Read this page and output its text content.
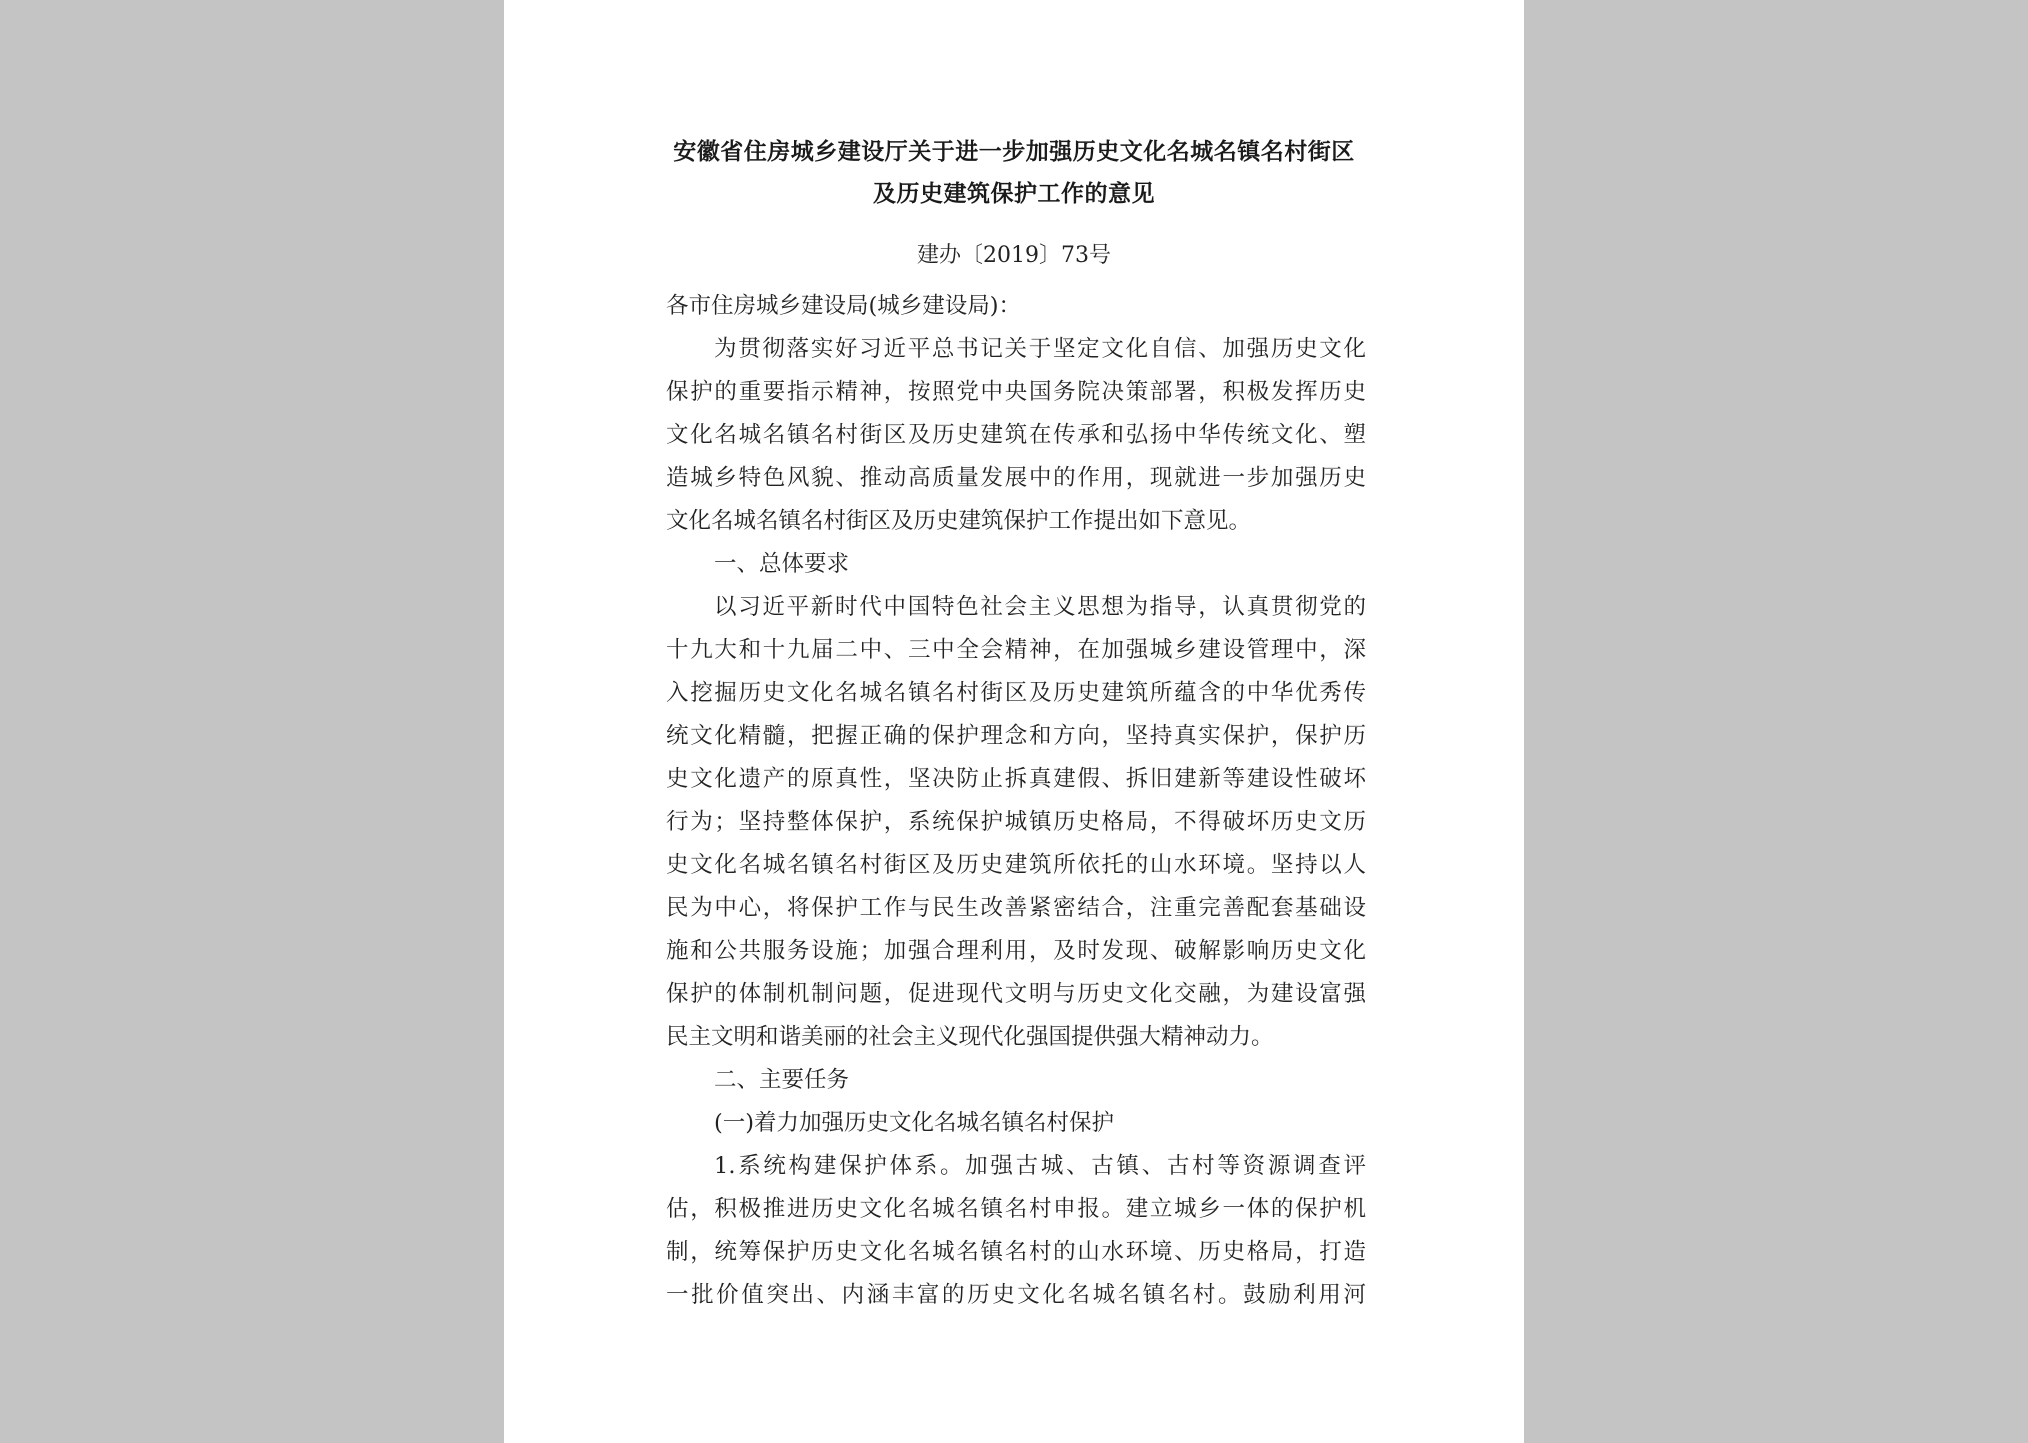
安徽省住房城乡建设厅关于进一步加强历史文化名城名镇名村街区
及历史建筑保护工作的意见
建办〔2019〕73号
各市住房城乡建设局(城乡建设局)：
为贯彻落实好习近平总书记关于坚定文化自信、加强历史文化
保护的重要指示精神，按照党中央国务院决策部署，积极发挥历史
文化名城名镇名村街区及历史建筑在传承和弘扬中华传统文化、塑
造城乡特色风貌、推动高质量发展中的作用，现就进一步加强历史
文化名城名镇名村街区及历史建筑保护工作提出如下意见。
一、总体要求
以习近平新时代中国特色社会主义思想为指导，认真贯彻党的
十九大和十九届二中、三中全会精神，在加强城乡建设管理中，深
入挖掘历史文化名城名镇名村街区及历史建筑所蕴含的中华优秀传
统文化精髓，把握正确的保护理念和方向，坚持真实保护，保护历
史文化遗产的原真性，坚决防止拆真建假、拆旧建新等建设性破坏
行为；坚持整体保护，系统保护城镇历史格局，不得破坏历史文历
史文化名城名镇名村街区及历史建筑所依托的山水环境。坚持以人
民为中心，将保护工作与民生改善紧密结合，注重完善配套基础设
施和公共服务设施；加强合理利用，及时发现、破解影响历史文化
保护的体制机制问题，促进现代文明与历史文化交融，为建设富强
民主文明和谐美丽的社会主义现代化强国提供强大精神动力。
二、主要任务
(一)着力加强历史文化名城名镇名村保护
1.系统构建保护体系。加强古城、古镇、古村等资源调查评
估，积极推进历史文化名城名镇名村申报。建立城乡一体的保护机
制，统筹保护历史文化名城名镇名村的山水环境、历史格局，打造
一批价值突出、内涵丰富的历史文化名城名镇名村。鼓励利用河
